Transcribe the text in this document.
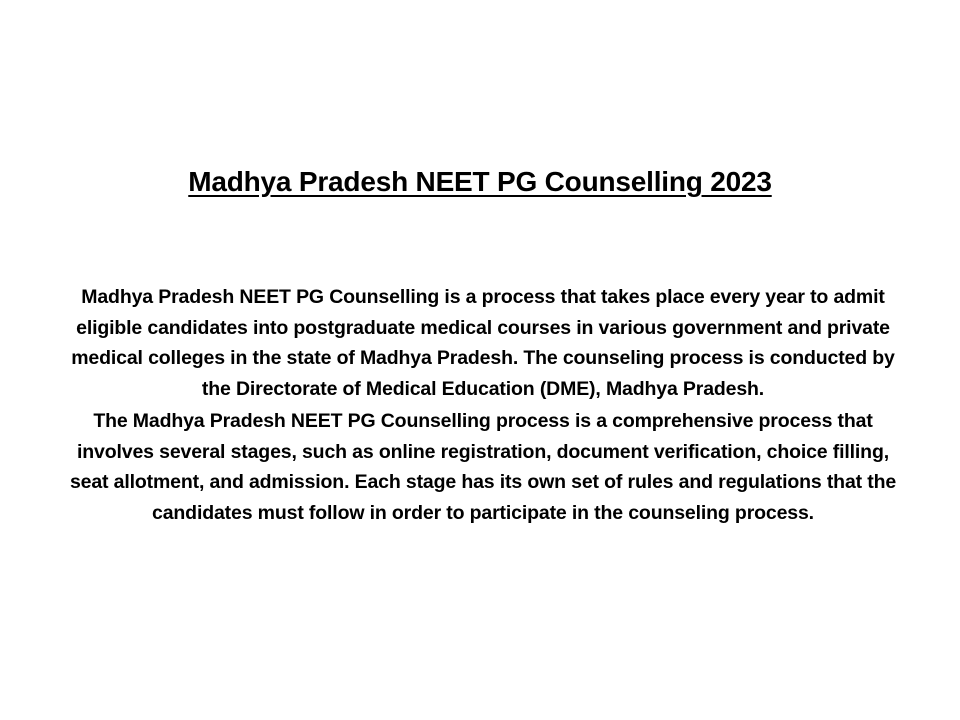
Madhya Pradesh NEET PG Counselling 2023

Madhya Pradesh NEET PG Counselling is a process that takes place every year to admit eligible candidates into postgraduate medical courses in various government and private medical colleges in the state of Madhya Pradesh. The counseling process is conducted by the Directorate of Medical Education (DME), Madhya Pradesh.

The Madhya Pradesh NEET PG Counselling process is a comprehensive process that involves several stages, such as online registration, document verification, choice filling, seat allotment, and admission. Each stage has its own set of rules and regulations that the candidates must follow in order to participate in the counseling process.
